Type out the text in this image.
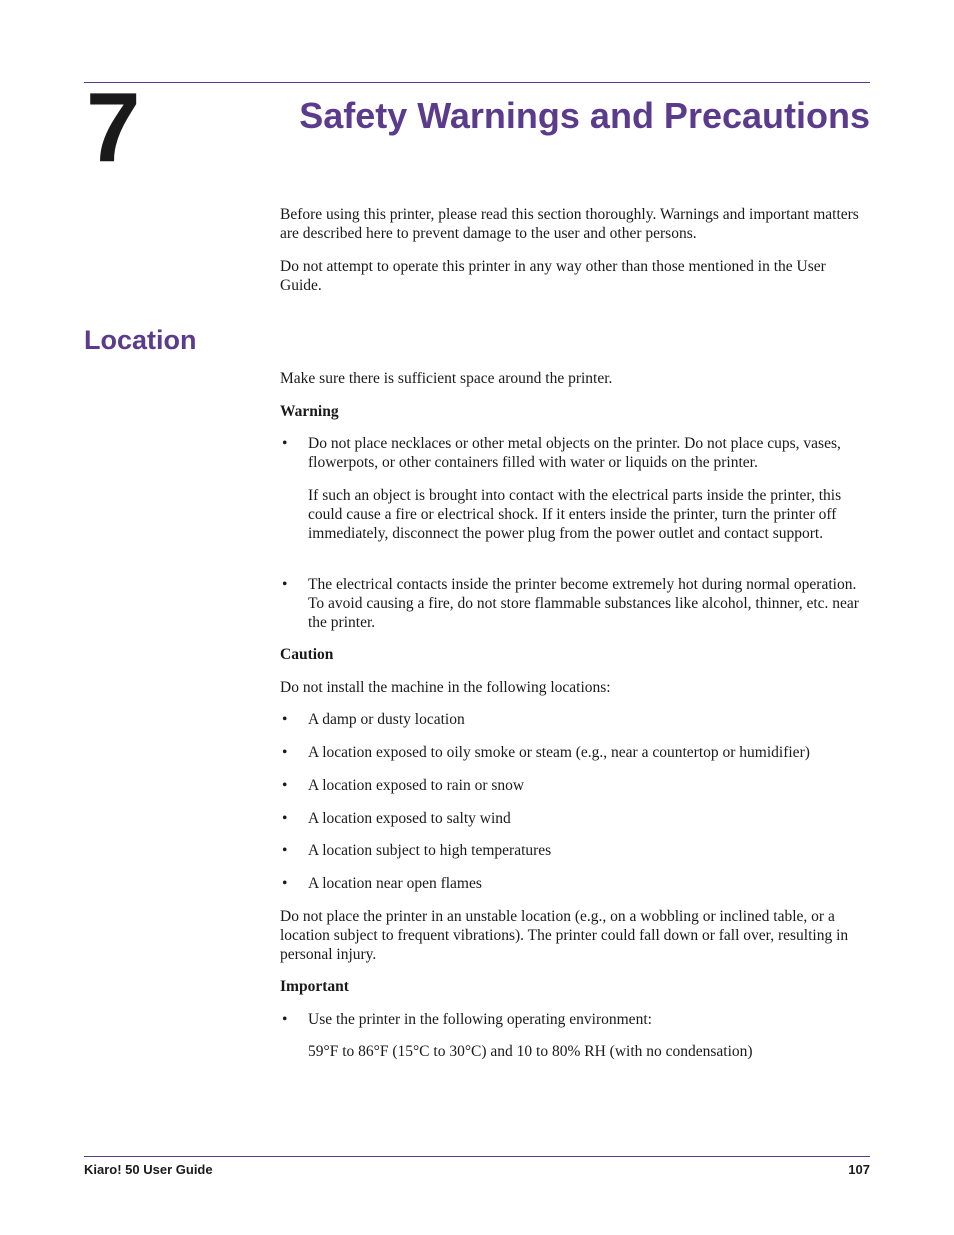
7	Safety Warnings and Precautions

Before using this printer, please read this section thoroughly. Warnings and important matters are described here to prevent damage to the user and other persons.

Do not attempt to operate this printer in any way other than those mentioned in the User Guide.

Location

Make sure there is sufficient space around the printer.

Warning

• Do not place necklaces or other metal objects on the printer. Do not place cups, vases, flowerpots, or other containers filled with water or liquids on the printer.

If such an object is brought into contact with the electrical parts inside the printer, this could cause a fire or electrical shock. If it enters inside the printer, turn the printer off immediately, disconnect the power plug from the power outlet and contact support.

• The electrical contacts inside the printer become extremely hot during normal operation. To avoid causing a fire, do not store flammable substances like alcohol, thinner, etc. near the printer.

Caution

Do not install the machine in the following locations:

• A damp or dusty location
• A location exposed to oily smoke or steam (e.g., near a countertop or humidifier)
• A location exposed to rain or snow
• A location exposed to salty wind
• A location subject to high temperatures
• A location near open flames

Do not place the printer in an unstable location (e.g., on a wobbling or inclined table, or a location subject to frequent vibrations). The printer could fall down or fall over, resulting in personal injury.

Important

• Use the printer in the following operating environment:

59°F to 86°F (15°C to 30°C) and 10 to 80% RH (with no condensation)

Kiaro! 50 User Guide	107
